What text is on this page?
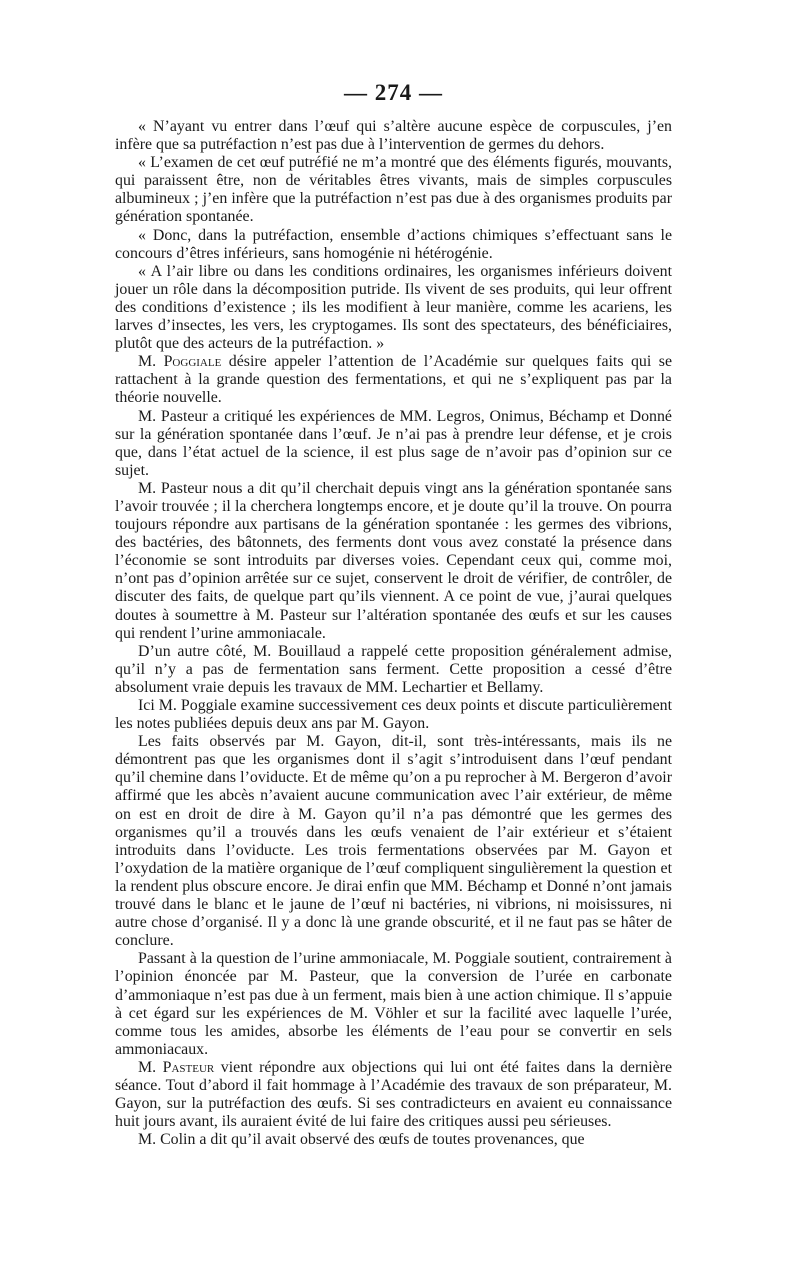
— 274 —

« N’ayant vu entrer dans l’œuf qui s’altère aucune espèce de corpuscules, j’en infère que sa putréfaction n’est pas due à l’intervention de germes du dehors.

« L’examen de cet œuf putréfié ne m’a montré que des éléments figurés, mouvants, qui paraissent être, non de véritables êtres vivants, mais de simples corpuscules albumineux ; j’en infère que la putréfaction n’est pas due à des organismes produits par génération spontanée.

« Donc, dans la putréfaction, ensemble d’actions chimiques s’effectuant sans le concours d’êtres inférieurs, sans homogénie ni hétérogénie.

« A l’air libre ou dans les conditions ordinaires, les organismes inférieurs doivent jouer un rôle dans la décomposition putride. Ils vivent de ses produits, qui leur offrent des conditions d’existence ; ils les modifient à leur manière, comme les acariens, les larves d’insectes, les vers, les cryptogames. Ils sont des spectateurs, des bénéficiaires, plutôt que des acteurs de la putréfaction. »

M. Poggiale désire appeler l’attention de l’Académie sur quelques faits qui se rattachent à la grande question des fermentations, et qui ne s’expliquent pas par la théorie nouvelle.

M. Pasteur a critiqué les expériences de MM. Legros, Onimus, Béchamp et Donné sur la génération spontanée dans l’œuf. Je n’ai pas à prendre leur défense, et je crois que, dans l’état actuel de la science, il est plus sage de n’avoir pas d’opinion sur ce sujet.

M. Pasteur nous a dit qu’il cherchait depuis vingt ans la génération spontanée sans l’avoir trouvée ; il la cherchera longtemps encore, et je doute qu’il la trouve. On pourra toujours répondre aux partisans de la génération spontanée : les germes des vibrions, des bactéries, des bâtonnets, des ferments dont vous avez constaté la présence dans l’économie se sont introduits par diverses voies. Cependant ceux qui, comme moi, n’ont pas d’opinion arrêtée sur ce sujet, conservent le droit de vérifier, de contrôler, de discuter des faits, de quelque part qu’ils viennent. A ce point de vue, j’aurai quelques doutes à soumettre à M. Pasteur sur l’altération spontanée des œufs et sur les causes qui rendent l’urine ammoniacale.

D’un autre côté, M. Bouillaud a rappelé cette proposition généralement admise, qu’il n’y a pas de fermentation sans ferment. Cette proposition a cessé d’être absolument vraie depuis les travaux de MM. Lechartier et Bellamy.

Ici M. Poggiale examine successivement ces deux points et discute particulièrement les notes publiées depuis deux ans par M. Gayon.

Les faits observés par M. Gayon, dit-il, sont très-intéressants, mais ils ne démontrent pas que les organismes dont il s’agit s’introduisent dans l’œuf pendant qu’il chemine dans l’oviducte. Et de même qu’on a pu reprocher à M. Bergeron d’avoir affirmé que les abcès n’avaient aucune communication avec l’air extérieur, de même on est en droit de dire à M. Gayon qu’il n’a pas démontré que les germes des organismes qu’il a trouvés dans les œufs venaient de l’air extérieur et s’étaient introduits dans l’oviducte. Les trois fermentations observées par M. Gayon et l’oxydation de la matière organique de l’œuf compliquent singulièrement la question et la rendent plus obscure encore. Je dirai enfin que MM. Béchamp et Donné n’ont jamais trouvé dans le blanc et le jaune de l’œuf ni bactéries, ni vibrions, ni moisissures, ni autre chose d’organisé. Il y a donc là une grande obscurité, et il ne faut pas se hâter de conclure.

Passant à la question de l’urine ammoniacale, M. Poggiale soutient, contrairement à l’opinion énoncée par M. Pasteur, que la conversion de l’urée en carbonate d’ammoniaque n’est pas due à un ferment, mais bien à une action chimique. Il s’appuie à cet égard sur les expériences de M. Vöhler et sur la facilité avec laquelle l’urée, comme tous les amides, absorbe les éléments de l’eau pour se convertir en sels ammoniacaux.

M. Pasteur vient répondre aux objections qui lui ont été faites dans la dernière séance. Tout d’abord il fait hommage à l’Académie des travaux de son préparateur, M. Gayon, sur la putréfaction des œufs. Si ses contradicteurs en avaient eu connaissance huit jours avant, ils auraient évité de lui faire des critiques aussi peu sérieuses.

M. Colin a dit qu’il avait observé des œufs de toutes provenances, que
